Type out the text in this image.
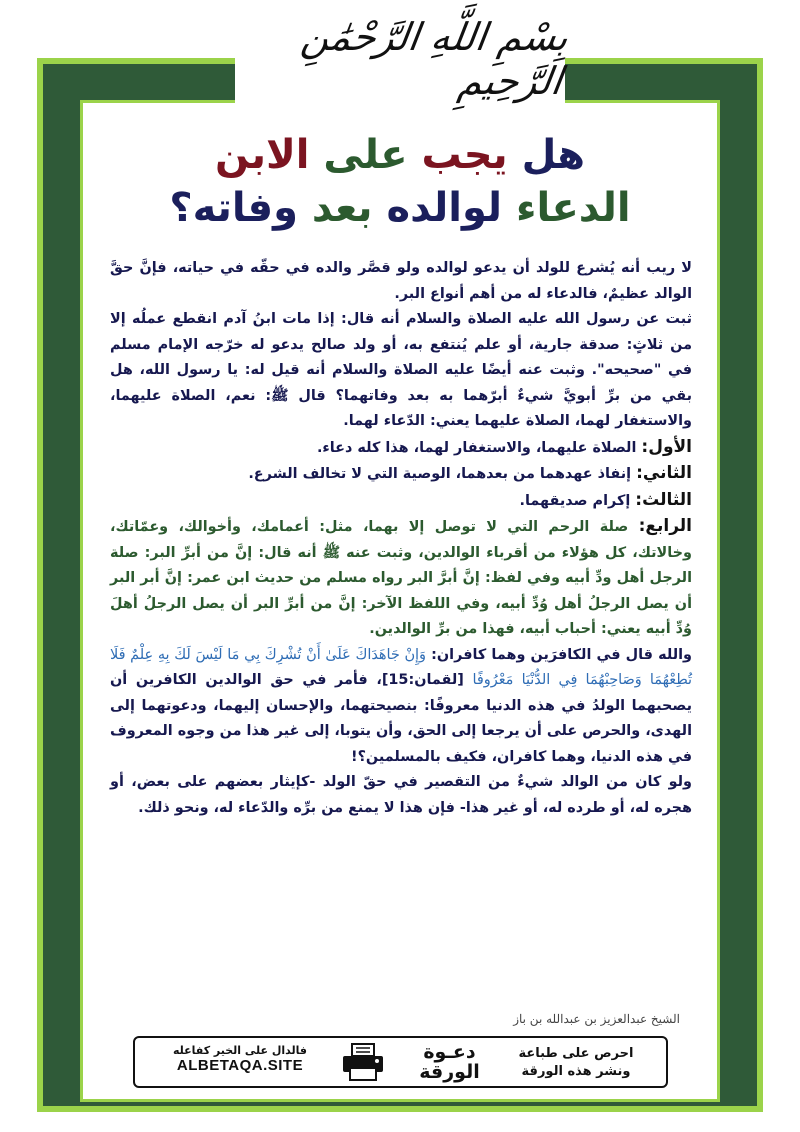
بِسْمِ اللَّهِ الرَّحْمَٰنِ الرَّحِيمِ
هل يجب على الابن
الدعاء لوالده بعد وفاته؟

لا ريب أنه يُشرع للولد أن يدعو لوالده ولو قصَّر والده في حقّه في حياته، فإنَّ حقَّ الوالد عظيمٌ، فالدعاء له من أهم أنواع البر.

ثبت عن رسول الله عليه الصلاة والسلام أنه قال: إذا مات ابنُ آدم انقطع عملُه إلا من ثلاثٍ: صدقة جارية، أو علم يُنتفع به، أو ولد صالح يدعو له خرّجه الإمام مسلم في "صحيحه". وثبت عنه أيضًا عليه الصلاة والسلام أنه قيل له: يا رسول الله، هل بقي من برِّ أبويَّ شيءٌ أبرّهما به بعد وفاتهما؟ قال ﷺ: نعم، الصلاة عليهما، والاستغفار لهما، الصلاة عليهما يعني: الدّعاء لهما.

الأول: الصلاة عليهما، والاستغفار لهما، هذا كله دعاء.

الثاني: إنفاذ عهدهما من بعدهما، الوصية التي لا تخالف الشرع.

الثالث: إكرام صديقهما.

الرابع: صلة الرحم التي لا توصل إلا بهما، مثل: أعمامك، وأخوالك، وعمّاتك، وخالاتك، كل هؤلاء من أقرباء الوالدين، وثبت عنه ﷺ أنه قال: إنَّ من أبرِّ البر: صلة الرجل أهل ودِّ أبيه وفي لفظ: إنَّ أبرَّ البر رواه مسلم من حديث ابن عمر: إنَّ أبر البر أن يصل الرجلُ أهل وُدِّ أبيه، وفي اللفظ الآخر: إنَّ من أبرِّ البر أن يصل الرجلُ أهلَ وُدِّ أبيه يعني: أحباب أبيه، فهذا من برِّ الوالدين.

والله قال في الكافرَين وهما كافران: وَإِنْ جَاهَدَاكَ عَلَىٰ أَنْ تُشْرِكَ بِي مَا لَيْسَ لَكَ بِهِ عِلْمٌ فَلَا تُطِعْهُمَا وَصَاحِبْهُمَا فِي الدُّنْيَا مَعْرُوفًا [لقمان:15]، فأمر في حق الوالدين الكافرين أن يصحبهما الولدُ في هذه الدنيا معروفًا: بنصيحتهما، والإحسان إليهما، ودعوتهما إلى الهدى، والحرص على أن يرجعا إلى الحق، وأن يتوبا، إلى غير هذا من وجوه المعروف في هذه الدنيا، وهما كافران، فكيف بالمسلمين؟!

ولو كان من الوالد شيءٌ من التقصير في حقّ الولد -كإيثار بعضهم على بعض، أو هجره له، أو طرده له، أو غير هذا- فإن هذا لا يمنع من برِّه والدّعاء له، ونحو ذلك.

الشيخ عبدالعزيز بن عبدالله بن باز
فالدال على الخير كفاعله
ALBETAQA.SITE
دعـوة
الورقة
احرص على طباعة
ونشر هذه الورقة
